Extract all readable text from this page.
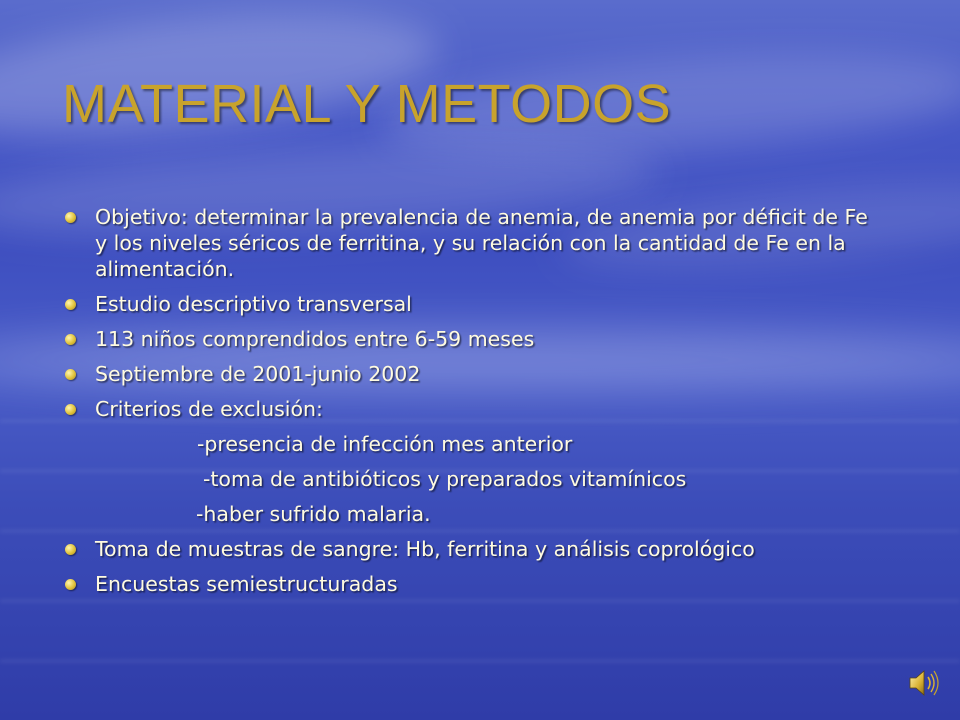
MATERIAL Y METODOS
Objetivo: determinar la prevalencia de anemia, de anemia por déficit de Fe y los niveles séricos de ferritina, y su relación con la cantidad de Fe en la alimentación.
Estudio descriptivo transversal
113 niños comprendidos entre 6-59 meses
Septiembre de 2001-junio 2002
Criterios de exclusión:
-presencia de infección mes anterior
-toma de antibióticos y preparados vitamínicos
-haber sufrido malaria.
Toma de muestras de sangre: Hb, ferritina y análisis coprológico
Encuestas semiestructuradas
